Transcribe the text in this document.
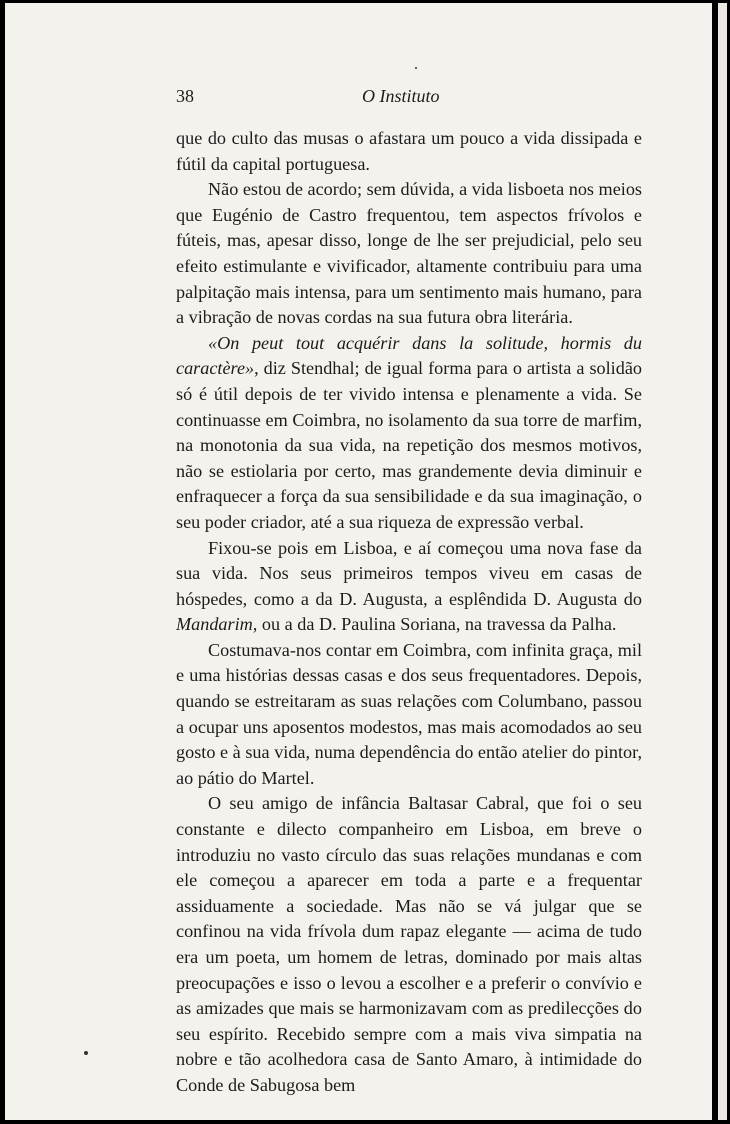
38	O Instituto

que do culto das musas o afastara um pouco a vida dissipada e fútil da capital portuguesa.

Não estou de acordo; sem dúvida, a vida lisboeta nos meios que Eugénio de Castro frequentou, tem aspectos frívolos e fúteis, mas, apesar disso, longe de lhe ser prejudicial, pelo seu efeito estimulante e vivificador, altamente contribuiu para uma palpitação mais intensa, para um sentimento mais humano, para a vibração de novas cordas na sua futura obra literária.

«On peut tout acquérir dans la solitude, hormis du caractère», diz Stendhal; de igual forma para o artista a solidão só é útil depois de ter vivido intensa e plenamente a vida. Se continuasse em Coimbra, no isolamento da sua torre de marfim, na monotonia da sua vida, na repetição dos mesmos motivos, não se estiolaria por certo, mas grandemente devia diminuir e enfraquecer a força da sua sensibilidade e da sua imaginação, o seu poder criador, até a sua riqueza de expressão verbal.

Fixou-se pois em Lisboa, e aí começou uma nova fase da sua vida. Nos seus primeiros tempos viveu em casas de hóspedes, como a da D. Augusta, a esplêndida D. Augusta do Mandarim, ou a da D. Paulina Soriana, na travessa da Palha.

Costumava-nos contar em Coimbra, com infinita graça, mil e uma histórias dessas casas e dos seus frequentadores. Depois, quando se estreitaram as suas relações com Columbano, passou a ocupar uns aposentos modestos, mas mais acomodados ao seu gosto e à sua vida, numa dependência do então atelier do pintor, ao pátio do Martel.

O seu amigo de infância Baltasar Cabral, que foi o seu constante e dilecto companheiro em Lisboa, em breve o introduziu no vasto círculo das suas relações mundanas e com ele começou a aparecer em toda a parte e a frequentar assiduamente a sociedade. Mas não se vá julgar que se confinou na vida frívola dum rapaz elegante — acima de tudo era um poeta, um homem de letras, dominado por mais altas preocupações e isso o levou a escolher e a preferir o convívio e as amizades que mais se harmonizavam com as predilecções do seu espírito. Recebido sempre com a mais viva simpatia na nobre e tão acolhedora casa de Santo Amaro, à intimidade do Conde de Sabugosa bem
